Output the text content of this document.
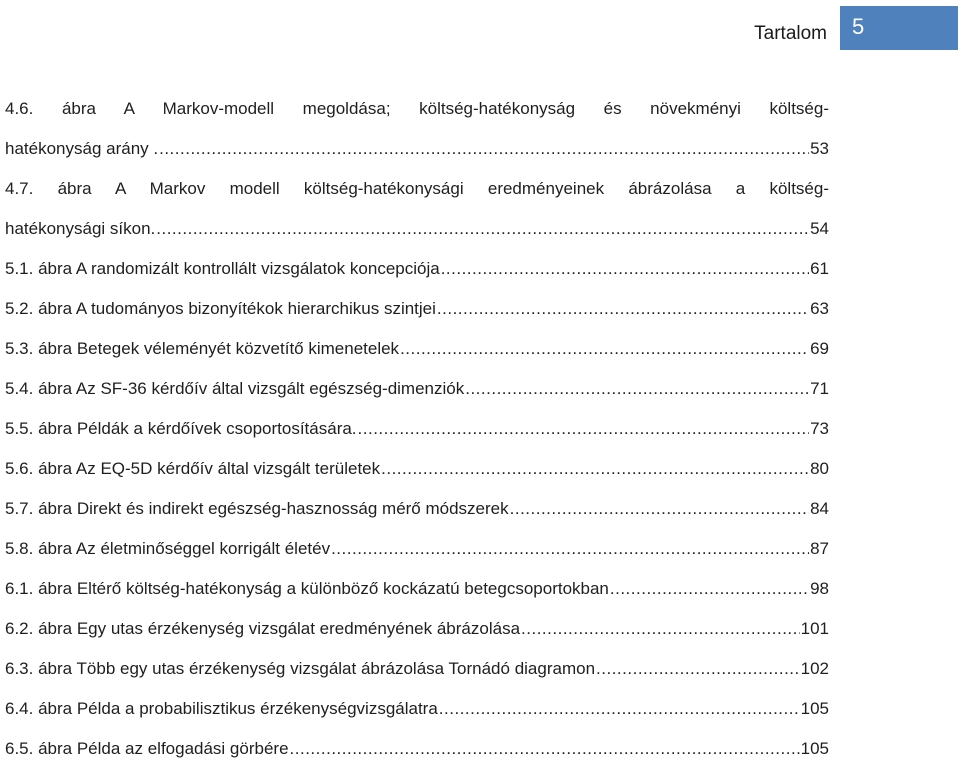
Tartalom 5
4.6. ábra A Markov-modell megoldása; költség-hatékonyság és növekményi költség-
hatékonyság arány . .....	53
4.7. ábra A Markov modell költség-hatékonysági eredményeinek ábrázolása a költség-
hatékonysági síkon. .....	54
5.1. ábra A randomizált kontrollált vizsgálatok koncepciója .....	61
5.2. ábra A tudományos bizonyítékok hierarchikus szintjei .....	63
5.3. ábra Betegek véleményét közvetítő kimenetelek .....	69
5.4. ábra Az SF-36 kérdőív által vizsgált egészség-dimenziók .....	71
5.5. ábra Példák a kérdőívek csoportosítására. .....	73
5.6. ábra Az EQ-5D kérdőív által vizsgált területek .....	80
5.7. ábra Direkt és indirekt egészség-hasznosság mérő módszerek .....	84
5.8. ábra Az életminőséggel korrigált életév .....	87
6.1. ábra Eltérő költség-hatékonyság a különböző kockázatú betegcsoportokban .....	98
6.2. ábra Egy utas érzékenység vizsgálat eredményének ábrázolása .....	101
6.3. ábra Több egy utas érzékenység vizsgálat ábrázolása Tornádó diagramon .....	102
6.4. ábra Példa a probabilisztikus érzékenységvizsgálatra .....	105
6.5. ábra Példa az elfogadási görbére .....	105
